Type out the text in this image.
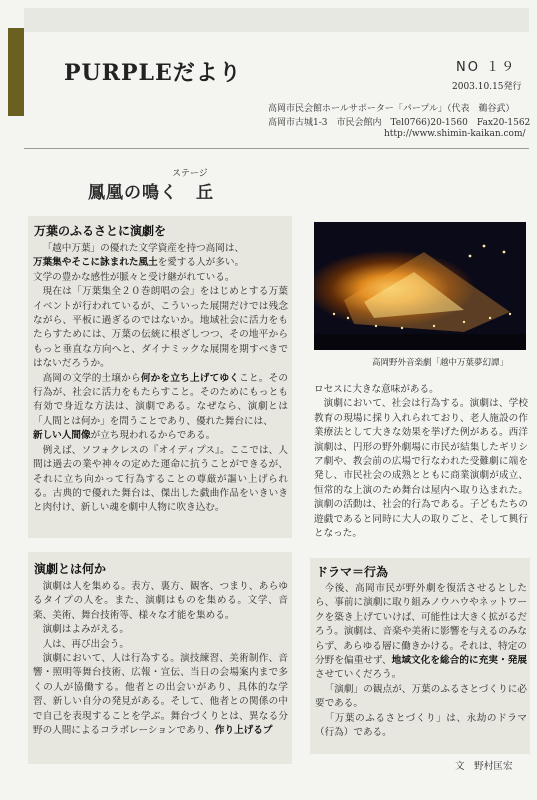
PURPLEだより	NO １９
2003.10.15発行
高岡市民会館ホールサポーター「パープル」（代表　鵜谷武）
高岡市古城1-3　市民会館内　Tel0766)20-1560　Fax20-1562
http://www.shimin-kaikan.com/
ステージ
鳳凰の鳴く　丘
万葉のふるさとに演劇を

「越中万葉」の優れた文学資産を持つ高岡は、

万葉集やそこに詠まれた風土を愛する人が多い。

文学の豊かな感性が脈々と受け継がれている。

現在は「万葉集全２０巻朗唱の会」をはじめとする万葉イベントが行われているが、こういった展開だけでは残念ながら、平板に過ぎるのではないか。地域社会に活力をもたらすためには、万葉の伝統に根ざしつつ、その地平からもっと垂直な方向へと、ダイナミックな展開を期すべきではないだろうか。

高岡の文学的土壌から何かを立ち上げてゆくこと。その行為が、社会に活力をもたらすこと。そのためにもっとも有効で身近な方法は、演劇である。なぜなら、演劇とは「人間とは何か」を問うことであり、優れた舞台には、

新しい人間像が立ち現われるからである。

例えば、ソフォクレスの『オイディプス』。ここでは、人間は過去の業や神々の定めた運命に抗うことができるが、それに立ち向かって行為することの尊厳が謳い上げられる。古典的で優れた舞台は、傑出した戯曲作品をいきいきと肉付け、新しい魂を劇中人物に吹き込む。

演劇とは何か

演劇は人を集める。表方、裏方、観客、つまり、あらゆるタイプの人を。また、演劇はものを集める。文学、音楽、美術、舞台技術等、様々な才能を集める。

演劇はよみがえる。

人は、再び出会う。

演劇において、人は行為する。演技練習、美術制作、音響・照明等舞台技術、広報・宣伝、当日の会場案内まで多くの人が協働する。他者との出会いがあり、具体的な学習、新しい自分の発見がある。そして、他者との関係の中で自己を表現することを学ぶ。舞台づくりとは、異なる分野の人間によるコラボレーションであり、作り上げるプ

高岡野外音楽劇「越中万葉夢幻譚」

ロセスに大きな意味がある。

演劇において、社会は行為する。演劇は、学校教育の現場に採り入れられており、老人施設の作業療法として大きな効果を挙げた例がある。西洋演劇は、円形の野外劇場に市民が結集したギリシア劇や、教会前の広場で行なわれた受難劇に端を発し、市民社会の成熟とともに商業演劇が成立、恒常的な上演のため舞台は屋内へ取り込まれた。演劇の活動は、社会的行為である。子どもたちの遊戯であると同時に大人の取りごと、そして興行となった。

ドラマ＝行為

今後、高岡市民が野外劇を復活させるとしたら、事前に演劇に取り組みノウハウやネットワークを築き上げていけば、可能性は大きく拡がるだろう。演劇は、音楽や美術に影響を与えるのみならず、あらゆる層に働きかける。それは、特定の分野を偏重せず、地域文化を総合的に充実・発展させていくだろう。

「演劇」の観点が、万葉のふるさとづくりに必要である。

「万葉のふるさとづくり」は、永劫のドラマ（行為）である。

文　野村匡宏
